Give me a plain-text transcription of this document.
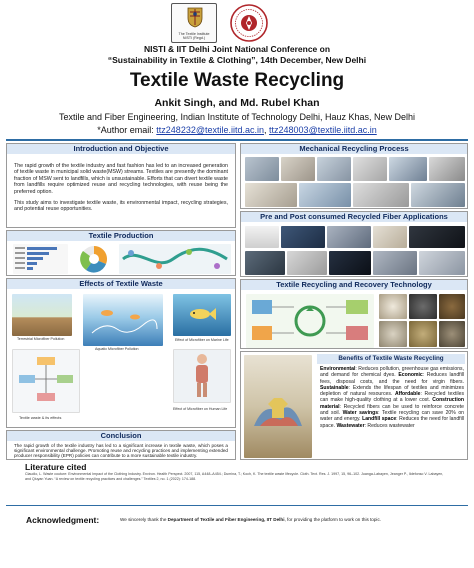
The Textile Institute
NISTI (Regd.)
NISTI & IIT Delhi Joint National Conference on
“Sustainability in Textile & Clothing”, 14th December, New Delhi
Textile Waste Recycling
Ankit Singh, and Md. Rubel Khan
Textile and Fiber Engineering, Indian Institute of Technology Delhi, Hauz Khas, New Delhi
*Author email: ttz248232@textile.iitd.ac.in, ttz248003@textile.iitd.ac.in
Introduction and Objective

The rapid growth of the textile industry and fast fashion has led to an increased generation of textile waste in municipal solid waste(MSW) streams. Textiles are presently the dominant fraction of MSW sent to landfills, which is unsustainable. Efforts that can divert textile waste from landfills require optimized reuse and recycling technologies, with reuse being the preferred option.

This study aims to investigate textile waste, its environmental impact, recycling strategies, and potential reuse opportunities.

Textile Production
Effects of Textile Waste
Terrestrial Microfiber Pollution
Aquatic Microfiber Pollution
Effect of Microfiber on Marine Life
Textile waste & its effects
Effect of Microfiber on Human Life
Conclusion
The rapid growth of the textile industry has led to a significant increase in textile waste, which poses a significant environmental challenge. Promoting reuse and recycling practices and implementing extended producer responsibility (EPR) policies can contribute to a more sustainable textile industry.
Mechanical Recycling Process
Pre and Post consumed Recycled Fiber Applications
Textile Recycling and Recovery Technology
Benefits of Textile Waste Recycling
Environmental: Reduces pollution, greenhouse gas emissions, and demand for chemical dyes. Economic: Reduces landfill fees, disposal costs, and the need for virgin fibers. Sustainable: Extends the lifespan of textiles and minimizes depletion of natural resources. Affordable: Recycled textiles can make high-quality clothing at a lower cost. Construction material: Recycled fibers can be used to reinforce concrete and soil. Water savings: Textile recycling can save 20% on water and energy. Landfill space: Reduces the need for landfill space. Wastewater: Reduces wastewater
Literature cited
Claudio, L. Waste couture: Environmental Impact of the Clothing Industry. Environ. Health Perspect. 2007, 115, A448–A454.; Dumina, T.; Koch, K. The textile waste lifecycle. Cloth. Text. Res. J. 1997, 15, 96–102. Juanga-Labayen, Jeanger P., Ildefonso V. Labayen, and Qiuyan Yuan. “A review on textile recycling practices and challenges.” Textiles 2, no. 1 (2022): 174-188.
Acknowledgment:	We sincerely thank the Department of Textile and Fiber Engineering, IIT Delhi, for providing the platform to work on this topic.
